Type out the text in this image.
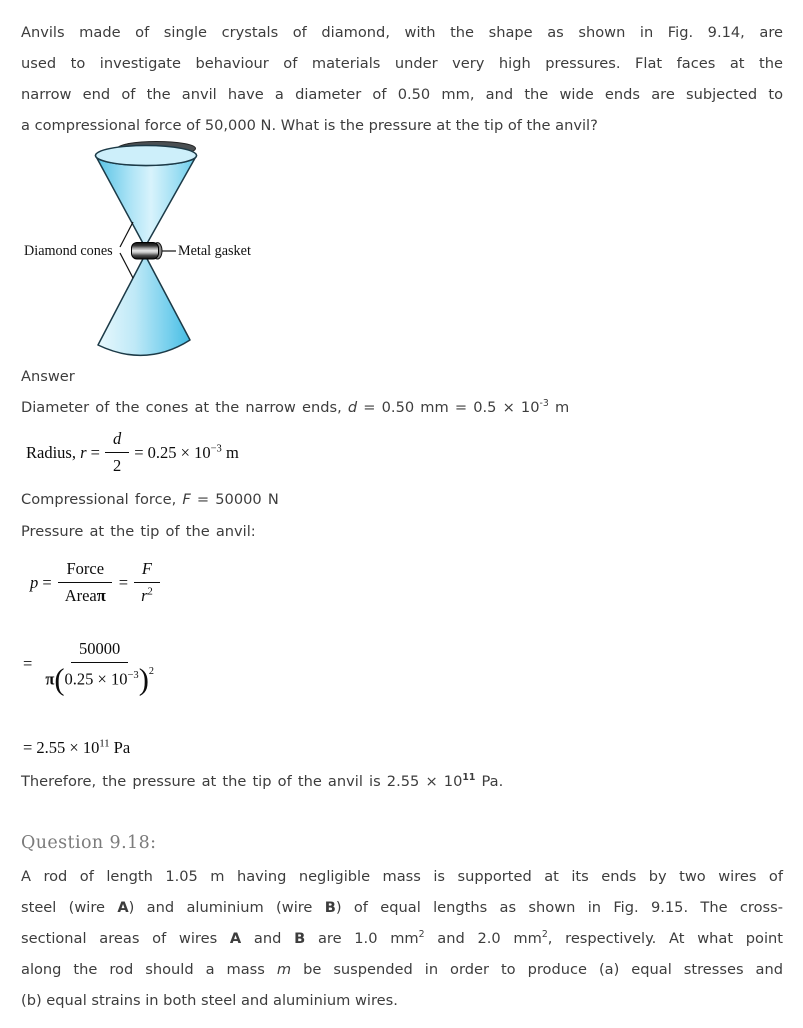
Anvils made of single crystals of diamond, with the shape as shown in Fig. 9.14, are
used to investigate behaviour of materials under very high pressures. Flat faces at the
narrow end of the anvil have a diameter of 0.50 mm, and the wide ends are subjected to
a compressional force of 50,000 N. What is the pressure at the tip of the anvil?
Diamond cones	Metal gasket
Answer
Diameter of the cones at the narrow ends, d = 0.50 mm = $0.5 \times 10^{-3}$ m
Radius, $r = \frac{d}{2} = 0.25 \times 10^{-3}$ m
Compressional force, F = 50000 N
Pressure at the tip of the anvil:
$p = \frac{\text{Force}}{\text{Areaπ}} = \frac{F}{r^2}$
= $\frac{50000}{\pi(0.25 \times 10^{-3})^2}$
= $2.55 \times 10^{11}$ Pa
Therefore, the pressure at the tip of the anvil is $2.55 \times 10^{11}$ Pa.
Question 9.18:
A rod of length 1.05 m having negligible mass is supported at its ends by two wires of
steel (wire A) and aluminium (wire B) of equal lengths as shown in Fig. 9.15. The cross-
sectional areas of wires A and B are 1.0 $mm^2$ and 2.0 $mm^2$, respectively. At what point
along the rod should a mass m be suspended in order to produce (a) equal stresses and
(b) equal strains in both steel and aluminium wires.
